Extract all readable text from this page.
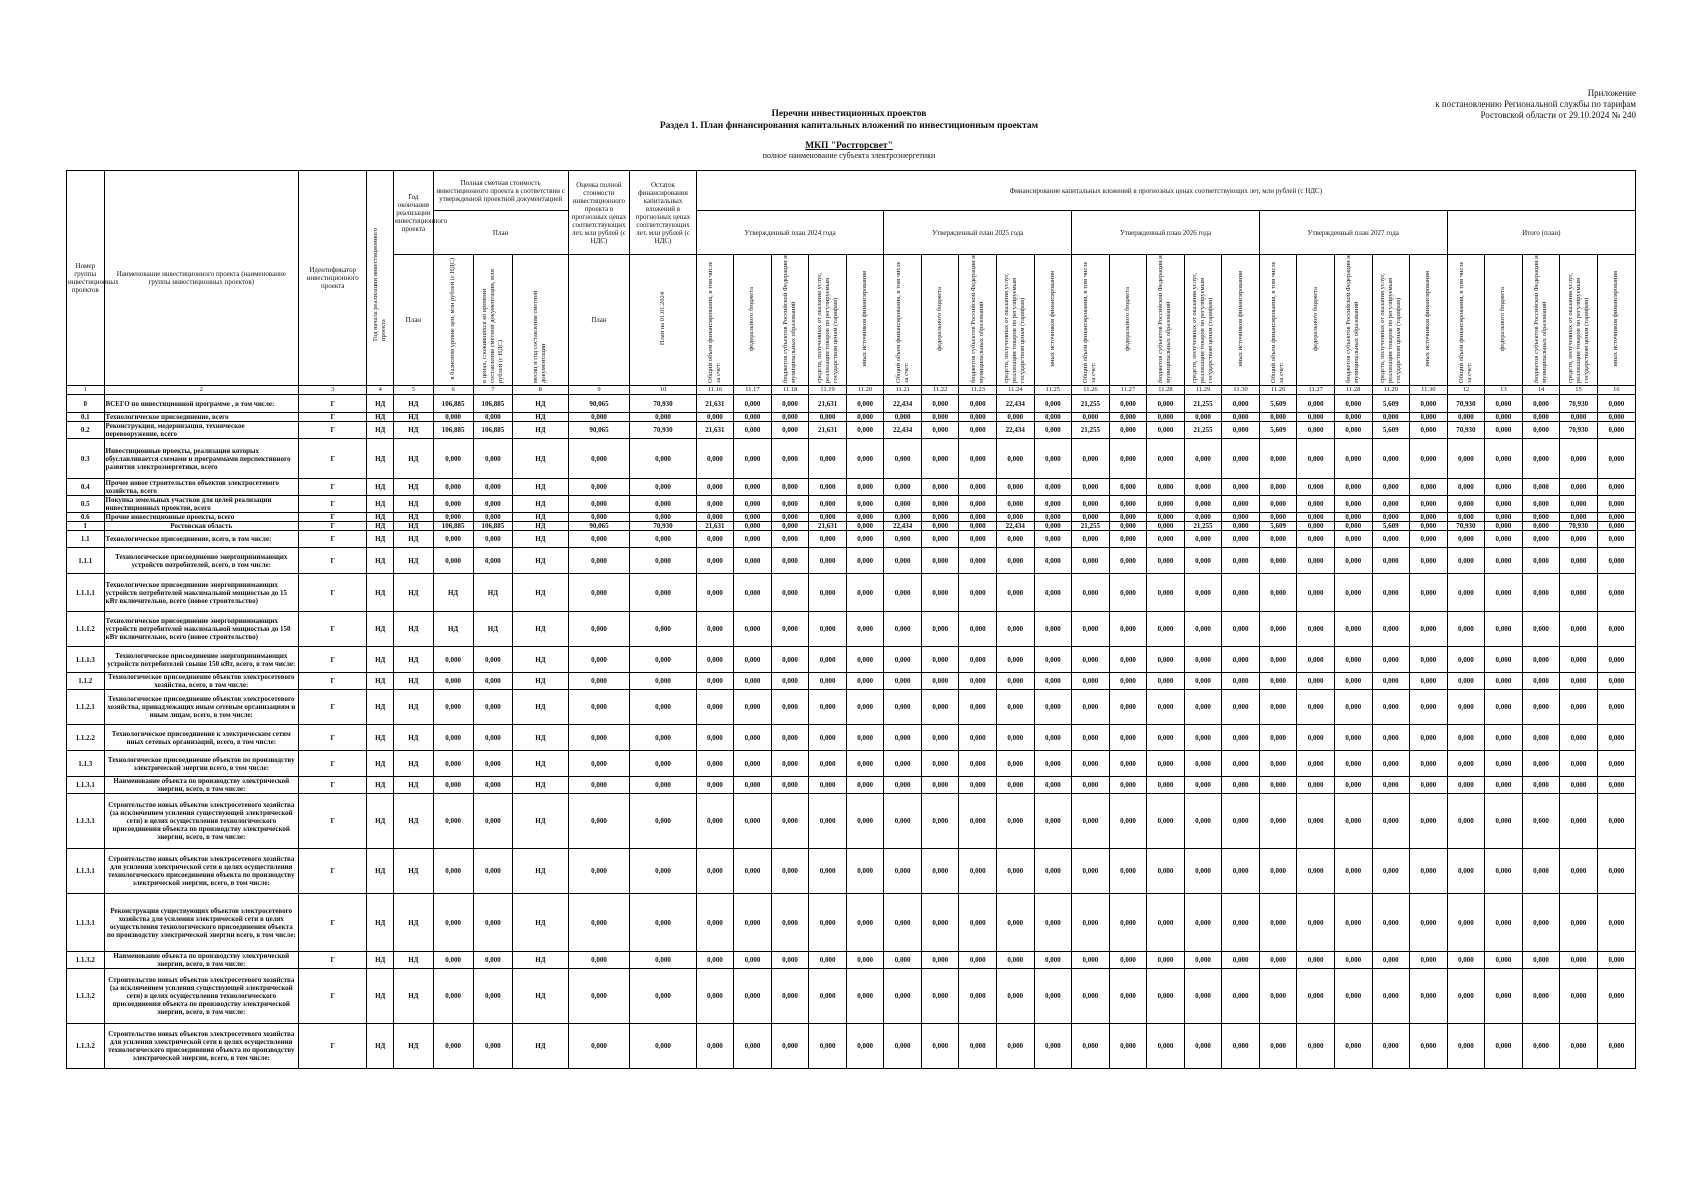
Приложение
к постановлению Региональной службы по тарифам
Ростовской области от 29.10.2024 № 240
Перечни инвестиционных проектов
Раздел 1. План финансирования капитальных вложений по инвестиционным проектам
МКП "Ростгорсвет"
полное наименование субъекта электроэнергетики
Номер группы инвестиционных проектов	Наименование инвестиционного проекта (наименование группы инвестиционных проектов)	Идентификатор инвестиционного проекта	Год начала реализации инвестиционного проекта	Год окончания реализации инвестиционного проекта	Полная сметная стоимость инвестиционного проекта в соответствии с утвержденной проектной документацией			Оценка полной стоимости инвестиционного проекта в прогнозных ценах соответствующих лет, млн рублей (с НДС)	Остаток финансирования капитальных вложений в прогнозных ценах соответствующих лет, млн рублей (с НДС)	Финансирование капитальных вложений в прогнозных ценах соответствующих лет, млн рублей (с НДС)																								
					План					Утвержденный план 2024 года					Утвержденный план 2025 года					Утвержденный план 2026 года					Утвержденный план 2027 года					Итого (план)				
				План	в базисном уровне цен, млн рублей (с НДС)	в ценах, сложившихся ко времени составления сметной документации, млн рублей (с НДС)	месяц и год составления сметной документации	План	План на 01.01.2024	Общий объем финансирования, в том числе за счет:	федерального бюджета	бюджетов субъектов Российской Федерации и муниципальных образований	средств, полученных от оказания услуг, реализации товаров по регулируемым государством ценам (тарифам)	иных источников финансирования	Общий объем финансирования, в том числе за счет:	федерального бюджета	бюджетов субъектов Российской Федерации и муниципальных образований	средств, полученных от оказания услуг, реализации товаров по регулируемым государством ценам (тарифам)	иных источников финансирования	Общий объем финансирования, в том числе за счет:	федерального бюджета	бюджетов субъектов Российской Федерации и муниципальных образований	средств, полученных от оказания услуг, реализации товаров по регулируемым государством ценам (тарифам)	иных источников финансирования	Общий объем финансирования, в том числе за счет:	федерального бюджета	бюджетов субъектов Российской Федерации и муниципальных образований	средств, полученных от оказания услуг, реализации товаров по регулируемым государством ценам (тарифам)	иных источников финансирования	Общий объем финансирования, в том числе за счет:	федерального бюджета	бюджетов субъектов Российской Федерации и муниципальных образований	средств, полученных от оказания услуг, реализации товаров по регулируемым государством ценам (тарифам)	иных источников финансирования
1	2	3	4	5	6	7	8	9	10	11.16	11.17	11.18	11.19	11.20	11.21	11.22	11.23	11.24	11.25	11.26	11.27	11.28	11.29	11.30	11.26	11.27	11.28	11.29	11.30	12	13	14	15	16
0	ВСЕГО по инвестиционной программе , в том числе:	Г	НД	НД	106,885	106,885	НД	90,065	70,930	21,631	0,000	0,000	21,631	0,000	22,434	0,000	0,000	22,434	0,000	21,255	0,000	0,000	21,255	0,000	5,609	0,000	0,000	5,609	0,000	70,930	0,000	0,000	70,930	0,000
0.1	Технологическое присоединение, всего	Г	НД	НД	0,000	0,000	НД	0,000	0,000	0,000	0,000	0,000	0,000	0,000	0,000	0,000	0,000	0,000	0,000	0,000	0,000	0,000	0,000	0,000	0,000	0,000	0,000	0,000	0,000	0,000	0,000	0,000	0,000	0,000
0.2	Реконструкция, модернизация, техническое перевооружение, всего	Г	НД	НД	106,885	106,885	НД	90,065	70,930	21,631	0,000	0,000	21,631	0,000	22,434	0,000	0,000	22,434	0,000	21,255	0,000	0,000	21,255	0,000	5,609	0,000	0,000	5,609	0,000	70,930	0,000	0,000	70,930	0,000
0.3	Инвестиционные проекты, реализация которых обуславливается схемами и программами перспективного развития электроэнергетики, всего	Г	НД	НД	0,000	0,000	НД	0,000	0,000	0,000	0,000	0,000	0,000	0,000	0,000	0,000	0,000	0,000	0,000	0,000	0,000	0,000	0,000	0,000	0,000	0,000	0,000	0,000	0,000	0,000	0,000	0,000	0,000	0,000
0.4	Прочее новое строительство объектов электросетевого хозяйства, всего	Г	НД	НД	0,000	0,000	НД	0,000	0,000	0,000	0,000	0,000	0,000	0,000	0,000	0,000	0,000	0,000	0,000	0,000	0,000	0,000	0,000	0,000	0,000	0,000	0,000	0,000	0,000	0,000	0,000	0,000	0,000	0,000
0.5	Покупка земельных участков для целей реализации инвестиционных проектов, всего	Г	НД	НД	0,000	0,000	НД	0,000	0,000	0,000	0,000	0,000	0,000	0,000	0,000	0,000	0,000	0,000	0,000	0,000	0,000	0,000	0,000	0,000	0,000	0,000	0,000	0,000	0,000	0,000	0,000	0,000	0,000	0,000
0.6	Прочие инвестиционные проекты, всего	Г	НД	НД	0,000	0,000	НД	0,000	0,000	0,000	0,000	0,000	0,000	0,000	0,000	0,000	0,000	0,000	0,000	0,000	0,000	0,000	0,000	0,000	0,000	0,000	0,000	0,000	0,000	0,000	0,000	0,000	0,000	0,000
I	Ростовская область	Г	НД	НД	106,885	106,885	НД	90,065	70,930	21,631	0,000	0,000	21,631	0,000	22,434	0,000	0,000	22,434	0,000	21,255	0,000	0,000	21,255	0,000	5,609	0,000	0,000	5,609	0,000	70,930	0,000	0,000	70,930	0,000
1.1	Технологическое присоединение, всего, в том числе:	Г	НД	НД	0,000	0,000	НД	0,000	0,000	0,000	0,000	0,000	0,000	0,000	0,000	0,000	0,000	0,000	0,000	0,000	0,000	0,000	0,000	0,000	0,000	0,000	0,000	0,000	0,000	0,000	0,000	0,000	0,000	0,000
1.1.1	Технологическое присоединение энергопринимающих устройств потребителей, всего, в том числе:	Г	НД	НД	0,000	0,000	НД	0,000	0,000	0,000	0,000	0,000	0,000	0,000	0,000	0,000	0,000	0,000	0,000	0,000	0,000	0,000	0,000	0,000	0,000	0,000	0,000	0,000	0,000	0,000	0,000	0,000	0,000	0,000
1.1.1.1	Технологическое присоединение энергопринимающих устройств потребителей максимальной мощностью до 15 кВт включительно, всего (новое строительство)	Г	НД	НД	НД	НД	НД	0,000	0,000	0,000	0,000	0,000	0,000	0,000	0,000	0,000	0,000	0,000	0,000	0,000	0,000	0,000	0,000	0,000	0,000	0,000	0,000	0,000	0,000	0,000	0,000	0,000	0,000	0,000
1.1.1.2	Технологическое присоединение энергопринимающих устройств потребителей максимальной мощностью до 150 кВт включительно, всего (новое строительство)	Г	НД	НД	НД	НД	НД	0,000	0,000	0,000	0,000	0,000	0,000	0,000	0,000	0,000	0,000	0,000	0,000	0,000	0,000	0,000	0,000	0,000	0,000	0,000	0,000	0,000	0,000	0,000	0,000	0,000	0,000	0,000
1.1.1.3	Технологическое присоединение энергопринимающих устройств потребителей свыше 150 кВт, всего, в том числе:	Г	НД	НД	0,000	0,000	НД	0,000	0,000	0,000	0,000	0,000	0,000	0,000	0,000	0,000	0,000	0,000	0,000	0,000	0,000	0,000	0,000	0,000	0,000	0,000	0,000	0,000	0,000	0,000	0,000	0,000	0,000	0,000
1.1.2	Технологическое присоединение объектов электросетевого хозяйства, всего, в том числе:	Г	НД	НД	0,000	0,000	НД	0,000	0,000	0,000	0,000	0,000	0,000	0,000	0,000	0,000	0,000	0,000	0,000	0,000	0,000	0,000	0,000	0,000	0,000	0,000	0,000	0,000	0,000	0,000	0,000	0,000	0,000	0,000
1.1.2.1	Технологическое присоединение объектов электросетевого хозяйства, принадлежащих иным сетевым организациям и иным лицам, всего, в том числе:	Г	НД	НД	0,000	0,000	НД	0,000	0,000	0,000	0,000	0,000	0,000	0,000	0,000	0,000	0,000	0,000	0,000	0,000	0,000	0,000	0,000	0,000	0,000	0,000	0,000	0,000	0,000	0,000	0,000	0,000	0,000	0,000
1.1.2.2	Технологическое присоединение к электрическим сетям иных сетевых организаций, всего, в том числе:	Г	НД	НД	0,000	0,000	НД	0,000	0,000	0,000	0,000	0,000	0,000	0,000	0,000	0,000	0,000	0,000	0,000	0,000	0,000	0,000	0,000	0,000	0,000	0,000	0,000	0,000	0,000	0,000	0,000	0,000	0,000	0,000
1.1.3	Технологическое присоединение объектов по производству электрической энергии всего, в том числе:	Г	НД	НД	0,000	0,000	НД	0,000	0,000	0,000	0,000	0,000	0,000	0,000	0,000	0,000	0,000	0,000	0,000	0,000	0,000	0,000	0,000	0,000	0,000	0,000	0,000	0,000	0,000	0,000	0,000	0,000	0,000	0,000
1.1.3.1	Наименование объекта по производству электрической энергии, всего, в том числе:	Г	НД	НД	0,000	0,000	НД	0,000	0,000	0,000	0,000	0,000	0,000	0,000	0,000	0,000	0,000	0,000	0,000	0,000	0,000	0,000	0,000	0,000	0,000	0,000	0,000	0,000	0,000	0,000	0,000	0,000	0,000	0,000
1.1.3.1	Строительство новых объектов электросетевого хозяйства (за исключением усиления существующей электрической сети) в целях осуществления технологического присоединения объекта по производству электрической энергии, всего, в том числе:	Г	НД	НД	0,000	0,000	НД	0,000	0,000	0,000	0,000	0,000	0,000	0,000	0,000	0,000	0,000	0,000	0,000	0,000	0,000	0,000	0,000	0,000	0,000	0,000	0,000	0,000	0,000	0,000	0,000	0,000	0,000	0,000
1.1.3.1	Строительство новых объектов электросетевого хозяйства для усиления электрической сети в целях осуществления технологического присоединения объекта по производству электрической энергии, всего, в том числе:	Г	НД	НД	0,000	0,000	НД	0,000	0,000	0,000	0,000	0,000	0,000	0,000	0,000	0,000	0,000	0,000	0,000	0,000	0,000	0,000	0,000	0,000	0,000	0,000	0,000	0,000	0,000	0,000	0,000	0,000	0,000	0,000
1.1.3.1	Реконструкция существующих объектов электросетевого хозяйства для усиления электрической сети в целях осуществления технологического присоединения объекта по производству электрической энергии всего, в том числе:	Г	НД	НД	0,000	0,000	НД	0,000	0,000	0,000	0,000	0,000	0,000	0,000	0,000	0,000	0,000	0,000	0,000	0,000	0,000	0,000	0,000	0,000	0,000	0,000	0,000	0,000	0,000	0,000	0,000	0,000	0,000	0,000
1.1.3.2	Наименование объекта по производству электрической энергии, всего, в том числе:	Г	НД	НД	0,000	0,000	НД	0,000	0,000	0,000	0,000	0,000	0,000	0,000	0,000	0,000	0,000	0,000	0,000	0,000	0,000	0,000	0,000	0,000	0,000	0,000	0,000	0,000	0,000	0,000	0,000	0,000	0,000	0,000
1.1.3.2	Строительство новых объектов электросетевого хозяйства (за исключением усиления существующей электрической сети) в целях осуществления технологического присоединения объекта по производству электрической энергии, всего, в том числе:	Г	НД	НД	0,000	0,000	НД	0,000	0,000	0,000	0,000	0,000	0,000	0,000	0,000	0,000	0,000	0,000	0,000	0,000	0,000	0,000	0,000	0,000	0,000	0,000	0,000	0,000	0,000	0,000	0,000	0,000	0,000	0,000
1.1.3.2	Строительство новых объектов электросетевого хозяйства для усиления электрической сети в целях осуществления технологического присоединения объекта по производству электрической энергии, всего, в том числе:	Г	НД	НД	0,000	0,000	НД	0,000	0,000	0,000	0,000	0,000	0,000	0,000	0,000	0,000	0,000	0,000	0,000	0,000	0,000	0,000	0,000	0,000	0,000	0,000	0,000	0,000	0,000	0,000	0,000	0,000	0,000	0,000
